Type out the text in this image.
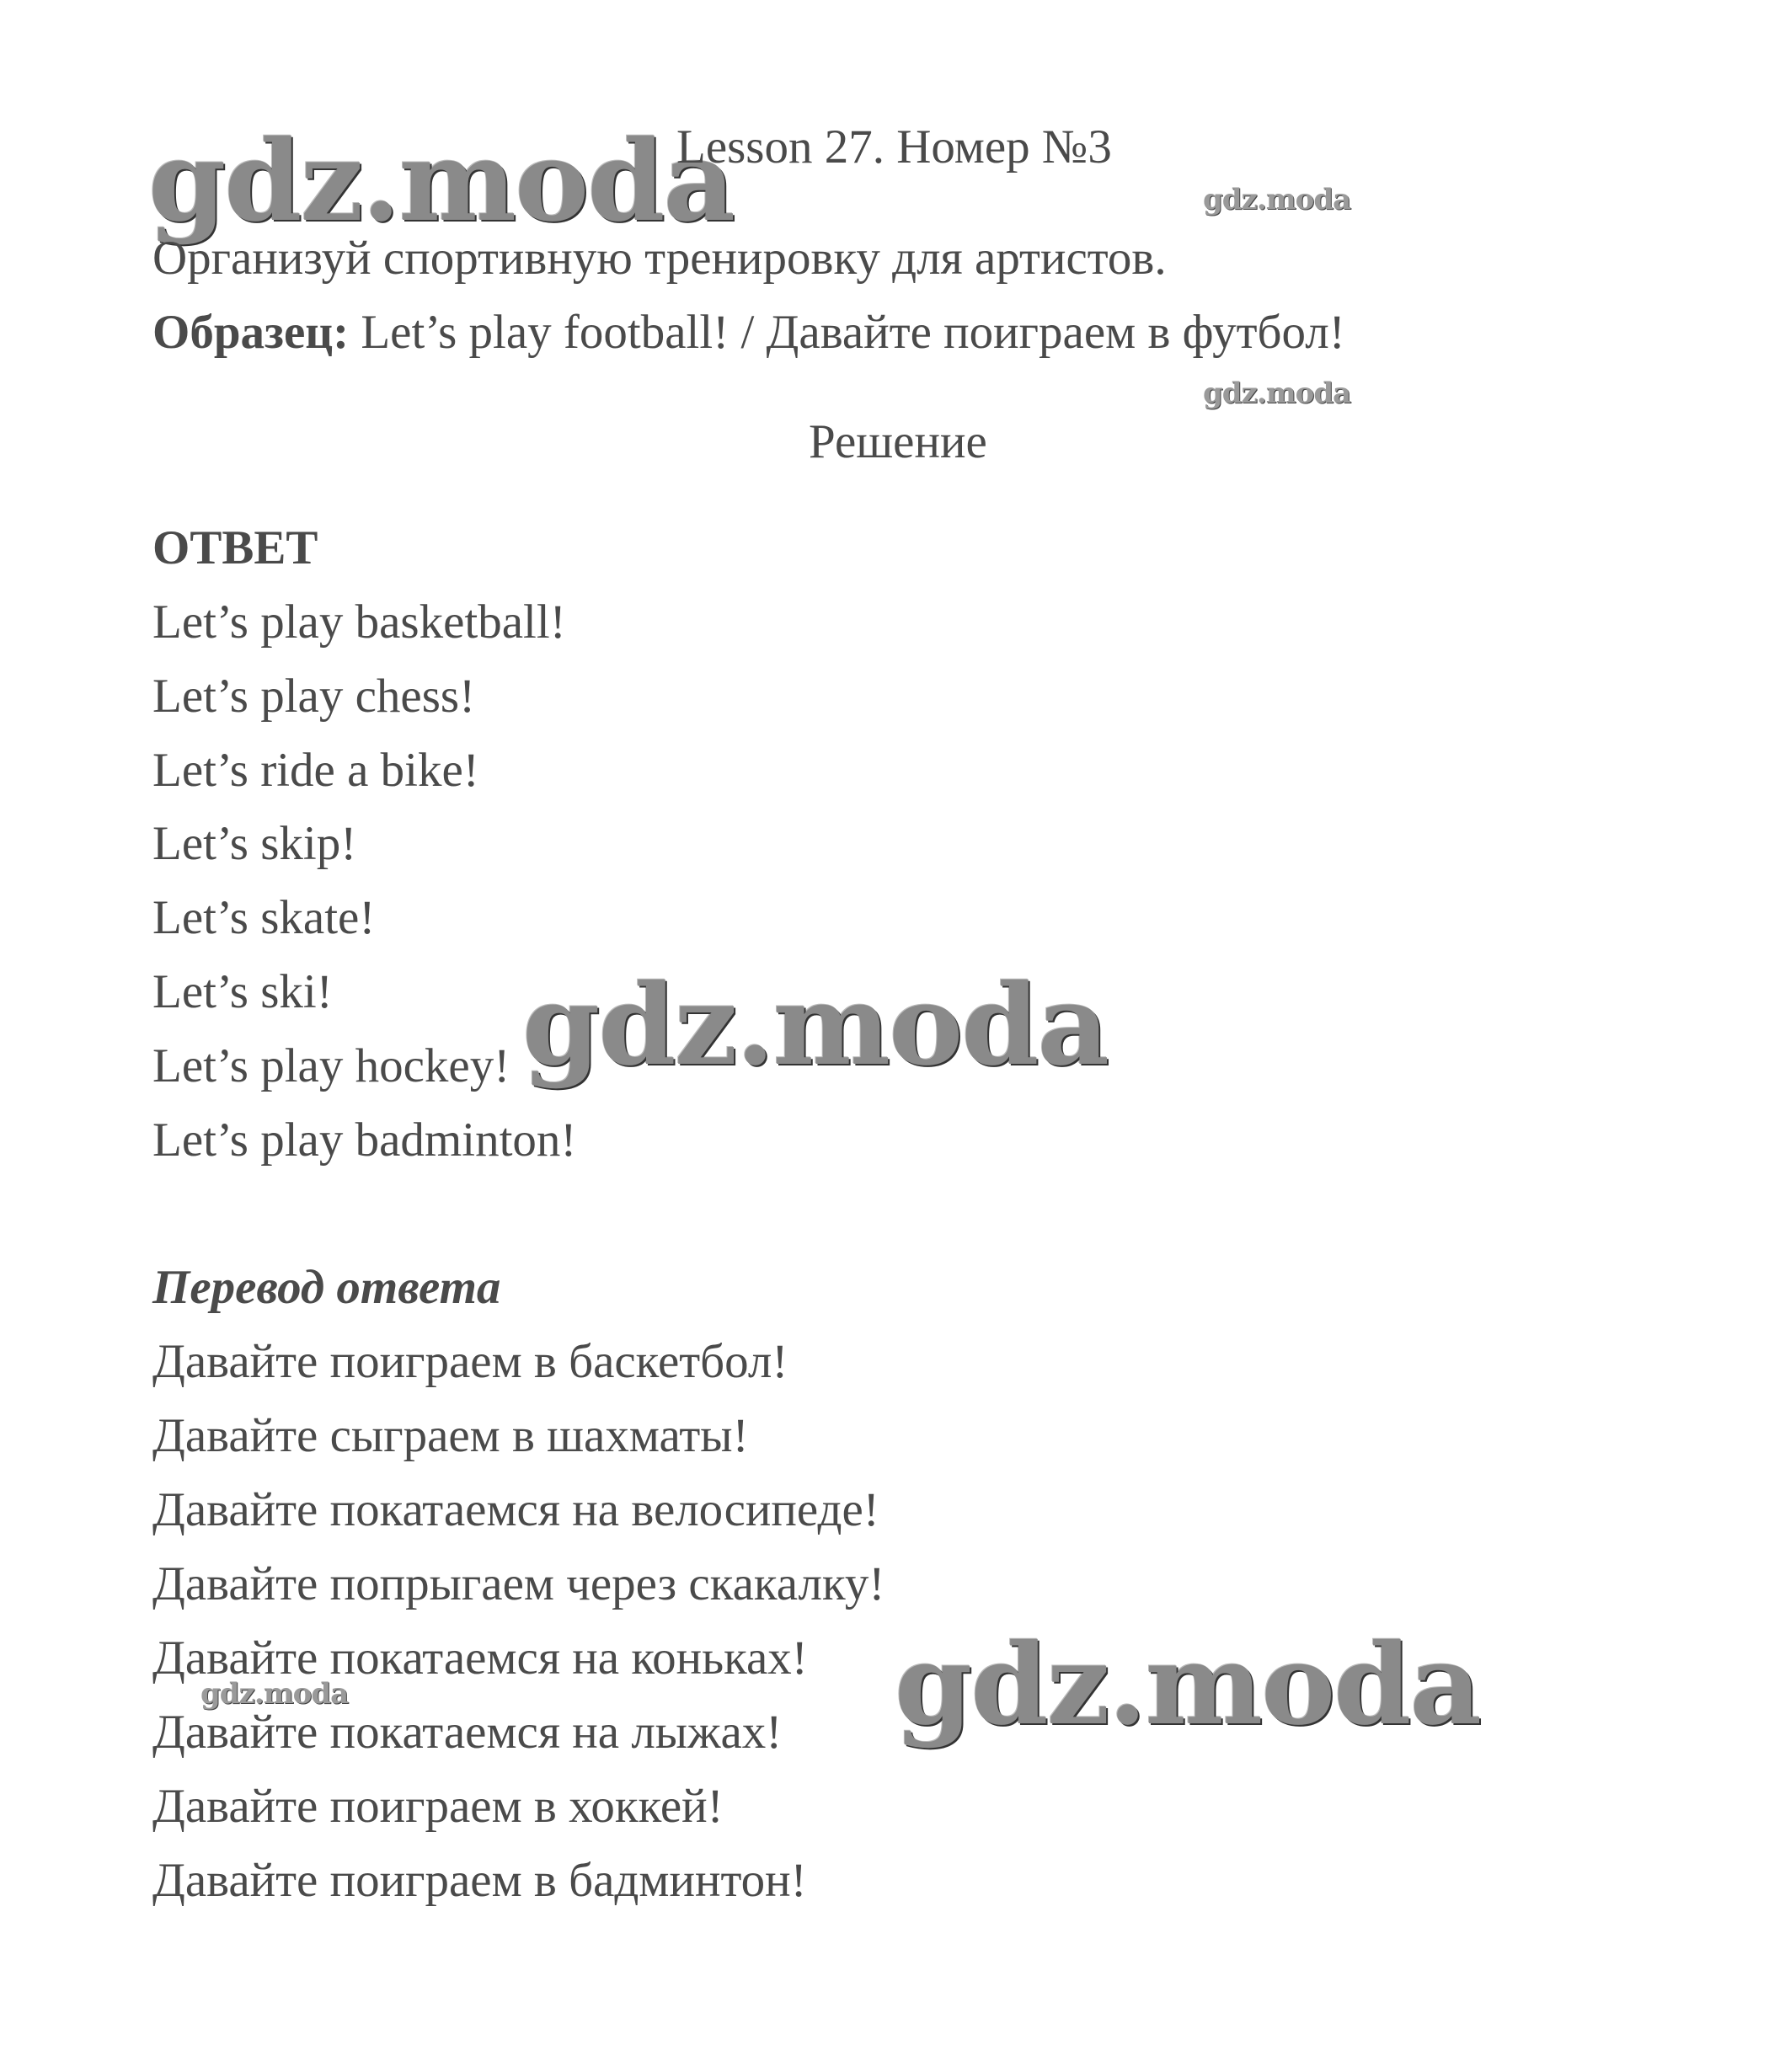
gdz.moda	gdz.moda
gdz.moda
Lesson 27. Номер №3
Организуй спортивную тренировку для артистов.
Образец: Let’s play football! / Давайте поиграем в футбол!
Решение
ОТВЕТ
Let’s play basketball!
Let’s play chess!
Let’s ride a bike!
Let’s skip!
Let’s skate!
Let’s ski!
Let’s play hockey!
Let’s play badminton!
gdz.moda
Перевод ответа
Давайте поиграем в баскетбол!
Давайте сыграем в шахматы!
Давайте покатаемся на велосипеде!
Давайте попрыгаем через скакалку!
Давайте покатаемся на коньках!
Давайте покатаемся на лыжах!
Давайте поиграем в хоккей!
Давайте поиграем в бадминтон!
gdz.moda	gdz.moda
